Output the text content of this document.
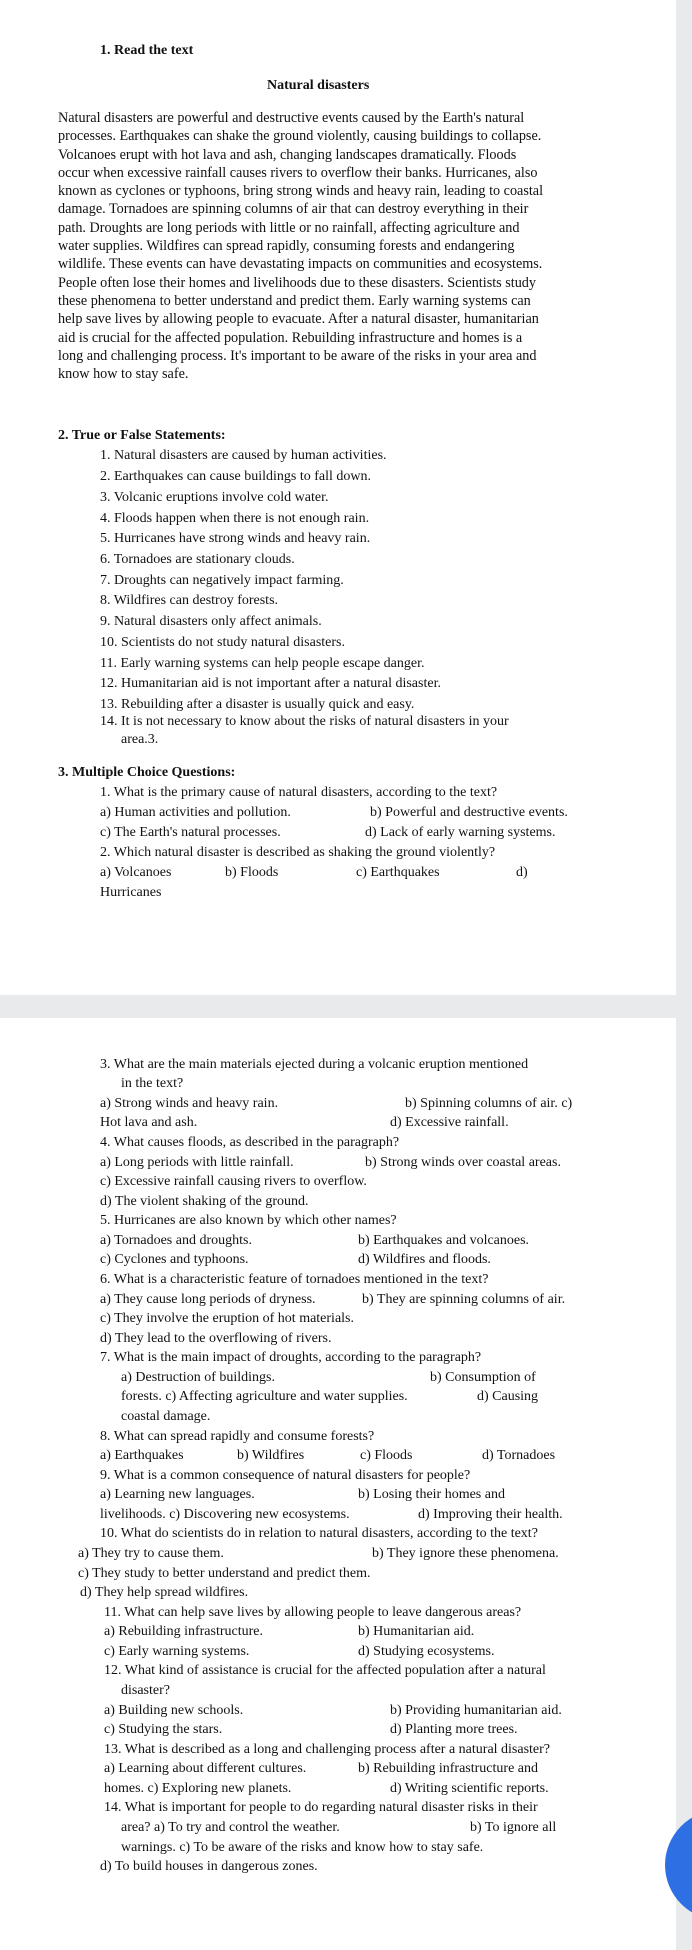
1. Read the text
Natural disasters
Natural disasters are powerful and destructive events caused by the Earth's natural
processes. Earthquakes can shake the ground violently, causing buildings to collapse.
Volcanoes erupt with hot lava and ash, changing landscapes dramatically. Floods
occur when excessive rainfall causes rivers to overflow their banks. Hurricanes, also
known as cyclones or typhoons, bring strong winds and heavy rain, leading to coastal
damage. Tornadoes are spinning columns of air that can destroy everything in their
path. Droughts are long periods with little or no rainfall, affecting agriculture and
water supplies. Wildfires can spread rapidly, consuming forests and endangering
wildlife. These events can have devastating impacts on communities and ecosystems.
People often lose their homes and livelihoods due to these disasters. Scientists study
these phenomena to better understand and predict them. Early warning systems can
help save lives by allowing people to evacuate. After a natural disaster, humanitarian
aid is crucial for the affected population. Rebuilding infrastructure and homes is a
long and challenging process. It's important to be aware of the risks in your area and
know how to stay safe.
2. True or False Statements:
1. Natural disasters are caused by human activities.
2. Earthquakes can cause buildings to fall down.
3. Volcanic eruptions involve cold water.
4. Floods happen when there is not enough rain.
5. Hurricanes have strong winds and heavy rain.
6. Tornadoes are stationary clouds.
7. Droughts can negatively impact farming.
8. Wildfires can destroy forests.
9. Natural disasters only affect animals.
10. Scientists do not study natural disasters.
11. Early warning systems can help people escape danger.
12. Humanitarian aid is not important after a natural disaster.
13. Rebuilding after a disaster is usually quick and easy.
14. It is not necessary to know about the risks of natural disasters in your
area.3.
3. Multiple Choice Questions:
1. What is the primary cause of natural disasters, according to the text?
a) Human activities and pollution.	b) Powerful and destructive events.
c) The Earth's natural processes.	d) Lack of early warning systems.
2. Which natural disaster is described as shaking the ground violently?
a) Volcanoes	b) Floods	c) Earthquakes	d)
Hurricanes
3. What are the main materials ejected during a volcanic eruption mentioned
in the text?
a) Strong winds and heavy rain.	b) Spinning columns of air. c)
Hot lava and ash.	d) Excessive rainfall.
4. What causes floods, as described in the paragraph?
a) Long periods with little rainfall.	b) Strong winds over coastal areas.
c) Excessive rainfall causing rivers to overflow.
d) The violent shaking of the ground.
5. Hurricanes are also known by which other names?
a) Tornadoes and droughts.	b) Earthquakes and volcanoes.
c) Cyclones and typhoons.	d) Wildfires and floods.
6. What is a characteristic feature of tornadoes mentioned in the text?
a) They cause long periods of dryness.	b) They are spinning columns of air.
c) They involve the eruption of hot materials.
d) They lead to the overflowing of rivers.
7. What is the main impact of droughts, according to the paragraph?
a) Destruction of buildings.	b) Consumption of
forests. c) Affecting agriculture and water supplies.	d) Causing
coastal damage.
8. What can spread rapidly and consume forests?
a) Earthquakes	b) Wildfires	c) Floods	d) Tornadoes
9. What is a common consequence of natural disasters for people?
a) Learning new languages.	b) Losing their homes and
livelihoods. c) Discovering new ecosystems.	d) Improving their health.
10. What do scientists do in relation to natural disasters, according to the text?
a) They try to cause them.	b) They ignore these phenomena.
c) They study to better understand and predict them.
d) They help spread wildfires.
11. What can help save lives by allowing people to leave dangerous areas?
a) Rebuilding infrastructure.	b) Humanitarian aid.
c) Early warning systems.	d) Studying ecosystems.
12. What kind of assistance is crucial for the affected population after a natural
disaster?
a) Building new schools.	b) Providing humanitarian aid.
c) Studying the stars.	d) Planting more trees.
13. What is described as a long and challenging process after a natural disaster?
a) Learning about different cultures.	b) Rebuilding infrastructure and
homes. c) Exploring new planets.	d) Writing scientific reports.
14. What is important for people to do regarding natural disaster risks in their
area? a) To try and control the weather.	b) To ignore all
warnings. c) To be aware of the risks and know how to stay safe.
d) To build houses in dangerous zones.
